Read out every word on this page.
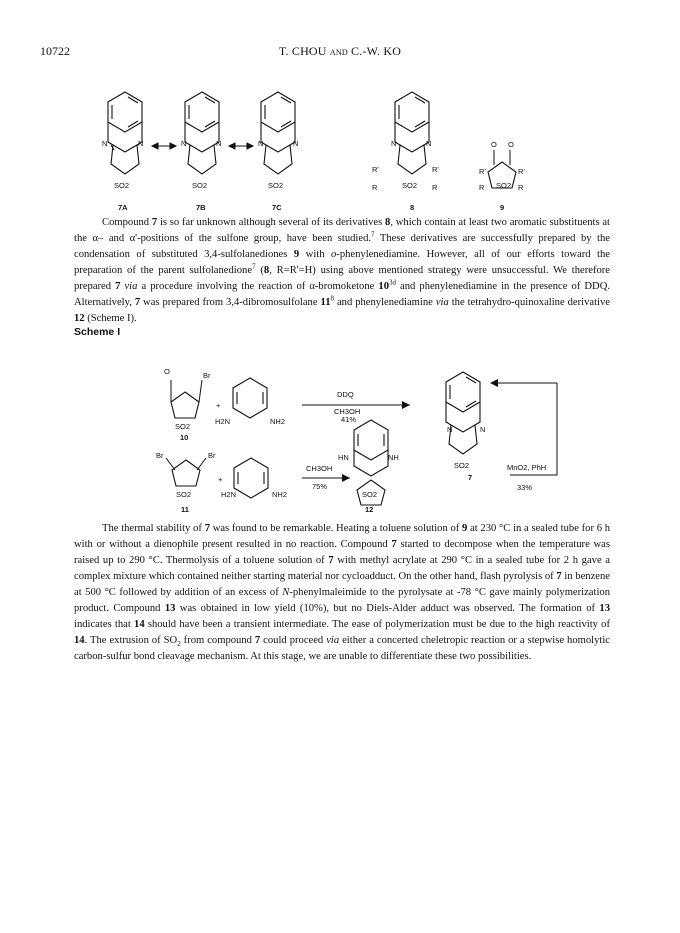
10722	T. CHOU and C.-W. KO
N	N
SO2
N	N
SO2
N	N
SO2
N	N
SO2
R'
R
R'
R
O O
R'
R
R'
R
SO2
7A	7B	7C	8	9
O	Br
SO2
H2N	NH2
+
Br	Br
SO2	H2N	NH2
+
HN	NH
SO2
N	N
SO2
DDQ
CH3OH
41%
CH3OH
75%
MnO2, PhH
33%
10
11	12
7

Compound 7 is so far unknown although several of its derivatives 8, which contain at least two aromatic substituents at the α– and α'-positions of the sulfone group, have been studied.$^7$ These derivatives are successfully prepared by the condensation of substituted 3,4-sulfolanediones 9 with o-phenylenediamine. However, all of our efforts toward the preparation of the parent sulfolanedione$^7$ (8, R=R'=H) using above mentioned strategy were unsuccessful. We therefore prepared 7 via a procedure involving the reaction of α-bromoketone $10^{3d}$ and phenylenediamine in the presence of DDQ. Alternatively, 7 was prepared from 3,4-dibromosulfolane $11^8$ and phenylenediamine via the tetrahydro-quinoxaline derivative 12 (Scheme I).

Scheme I

The thermal stability of 7 was found to be remarkable. Heating a toluene solution of 9 at 230 °C in a sealed tube for 6 h with or without a dienophile present resulted in no reaction. Compound 7 started to decompose when the temperature was raised up to 290 °C. Thermolysis of a toluene solution of 7 with methyl acrylate at 290 °C in a sealed tube for 2 h gave a complex mixture which contained neither starting material nor cycloadduct. On the other hand, flash pyrolysis of 7 in benzene at 500 °C followed by addition of an excess of N-phenylmaleimide to the pyrolysate at -78 °C gave mainly polymerization product. Compound 13 was obtained in low yield (10%), but no Diels-Alder adduct was observed. The formation of 13 indicates that 14 should have been a transient intermediate. The ease of polymerization must be due to the high reactivity of 14. The extrusion of $SO_2$ from compound 7 could proceed via either a concerted cheletropic reaction or a stepwise homolytic carbon-sulfur bond cleavage mechanism. At this stage, we are unable to differentiate these two possibilities.
